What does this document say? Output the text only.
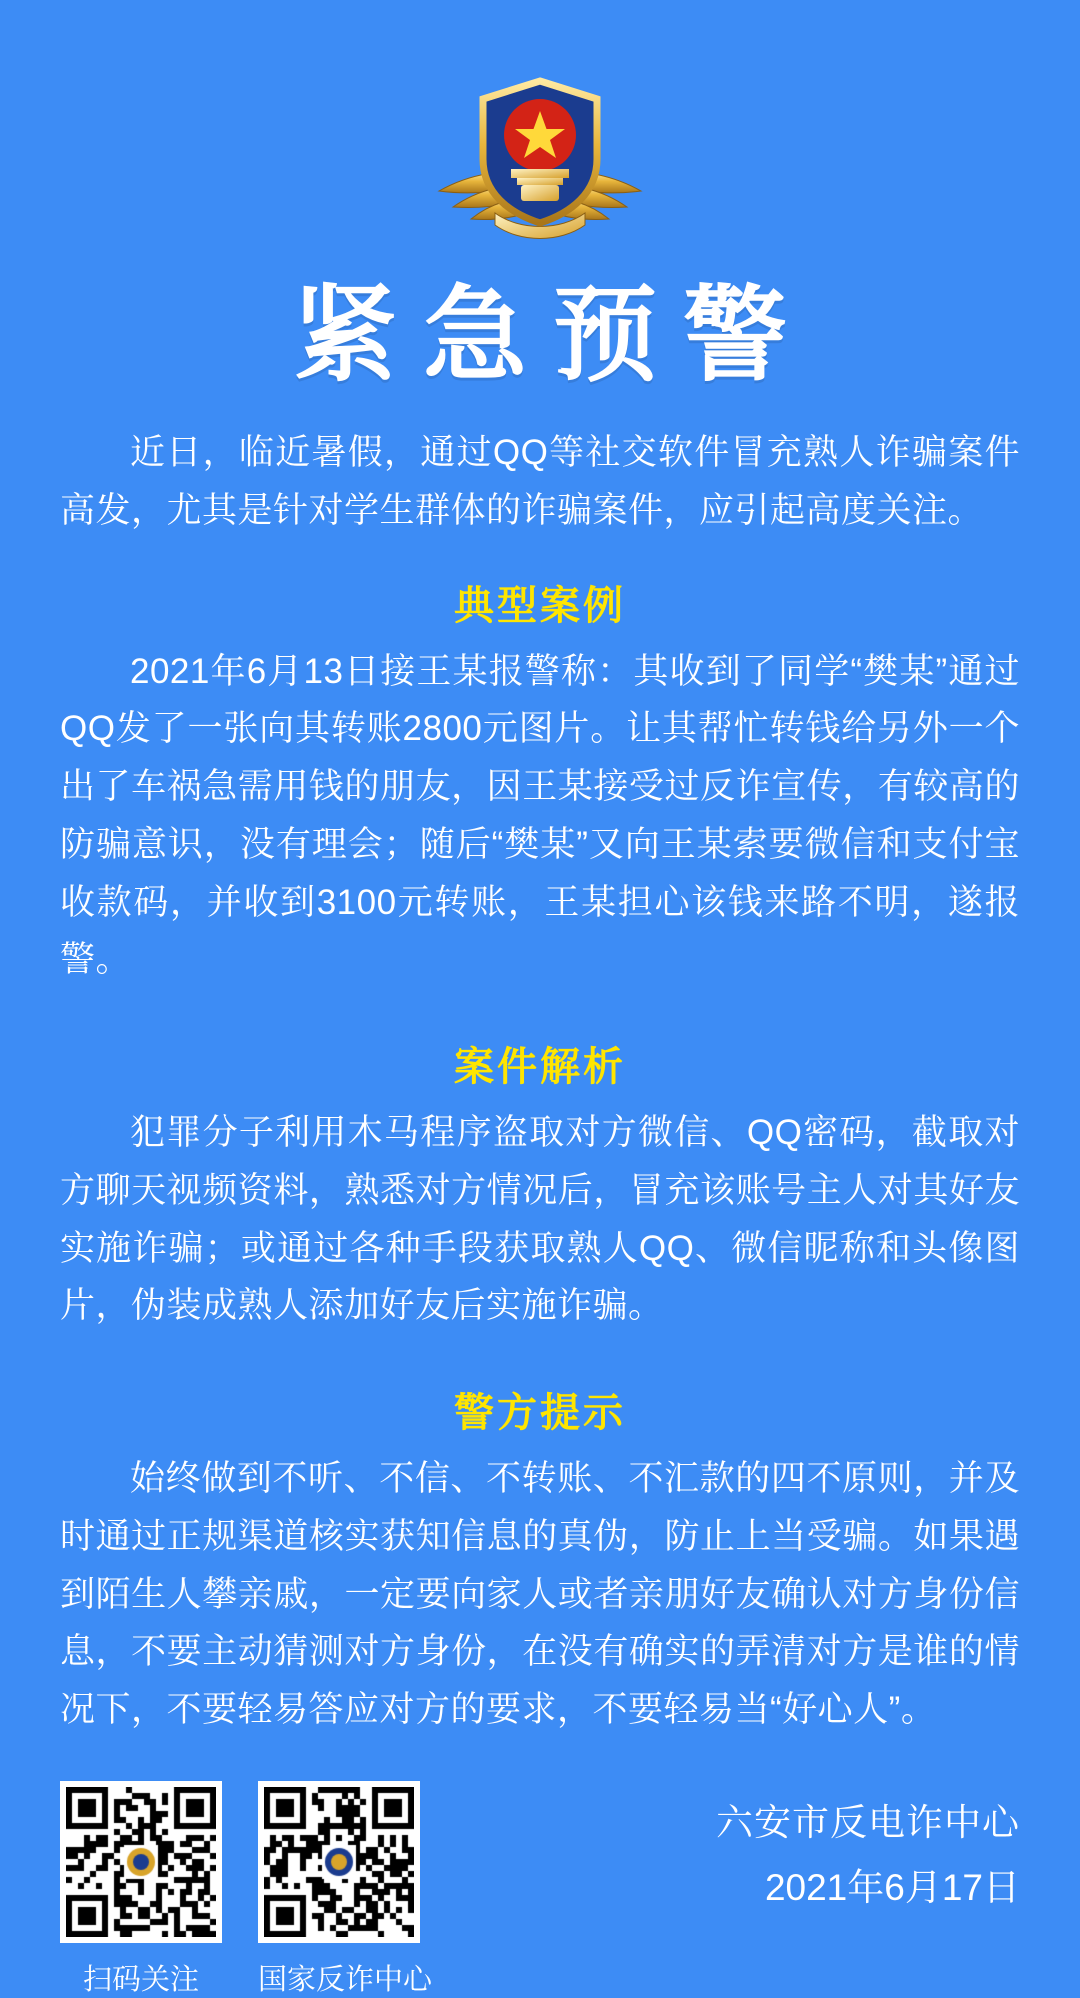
紧急预警

近日，临近暑假，通过QQ等社交软件冒充熟人诈骗案件高发，尤其是针对学生群体的诈骗案件，应引起高度关注。

典型案例

2021年6月13日接王某报警称：其收到了同学“樊某”通过QQ发了一张向其转账2800元图片。让其帮忙转钱给另外一个出了车祸急需用钱的朋友，因王某接受过反诈宣传，有较高的防骗意识，没有理会；随后“樊某”又向王某索要微信和支付宝收款码，并收到3100元转账，王某担心该钱来路不明，遂报警。

案件解析

犯罪分子利用木马程序盗取对方微信、QQ密码，截取对方聊天视频资料，熟悉对方情况后，冒充该账号主人对其好友实施诈骗；或通过各种手段获取熟人QQ、微信昵称和头像图片，伪装成熟人添加好友后实施诈骗。

警方提示

始终做到不听、不信、不转账、不汇款的四不原则，并及时通过正规渠道核实获知信息的真伪，防止上当受骗。如果遇到陌生人攀亲戚，一定要向家人或者亲朋好友确认对方身份信息，不要主动猜测对方身份，在没有确实的弄清对方是谁的情况下，不要轻易答应对方的要求，不要轻易当“好心人”。

扫码关注	国家反诈中心
六安市反电诈中心
2021年6月17日
